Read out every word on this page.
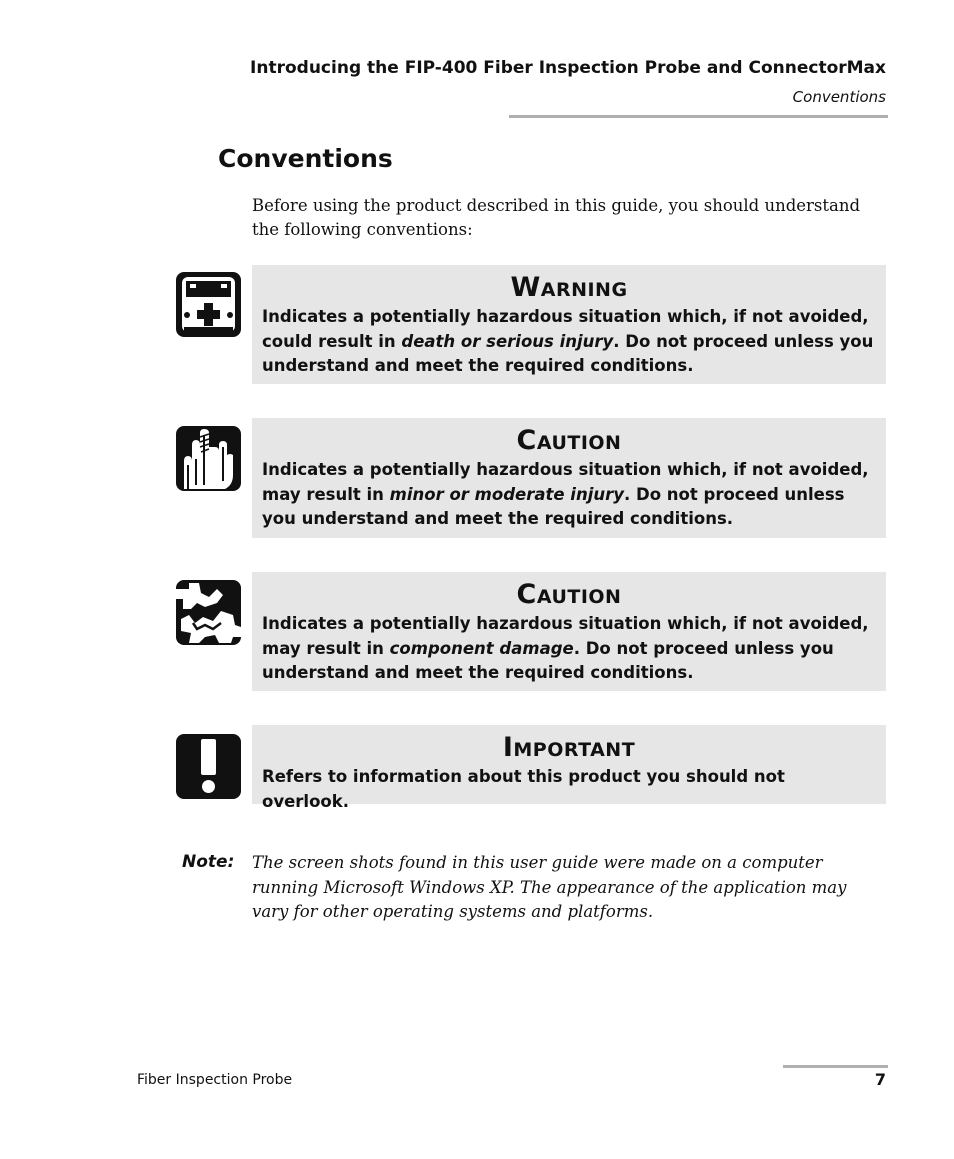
Introducing the FIP-400 Fiber Inspection Probe and ConnectorMax
Conventions
Conventions
Before using the product described in this guide, you should understand the following conventions:
Warning
Indicates a potentially hazardous situation which, if not avoided, could result in death or serious injury. Do not proceed unless you understand and meet the required conditions.
Caution
Indicates a potentially hazardous situation which, if not avoided, may result in minor or moderate injury. Do not proceed unless you understand and meet the required conditions.
Caution
Indicates a potentially hazardous situation which, if not avoided, may result in component damage. Do not proceed unless you understand and meet the required conditions.
Important
Refers to information about this product you should not overlook.
Note: The screen shots found in this user guide were made on a computer running Microsoft Windows XP. The appearance of the application may vary for other operating systems and platforms.
Fiber Inspection Probe	7
